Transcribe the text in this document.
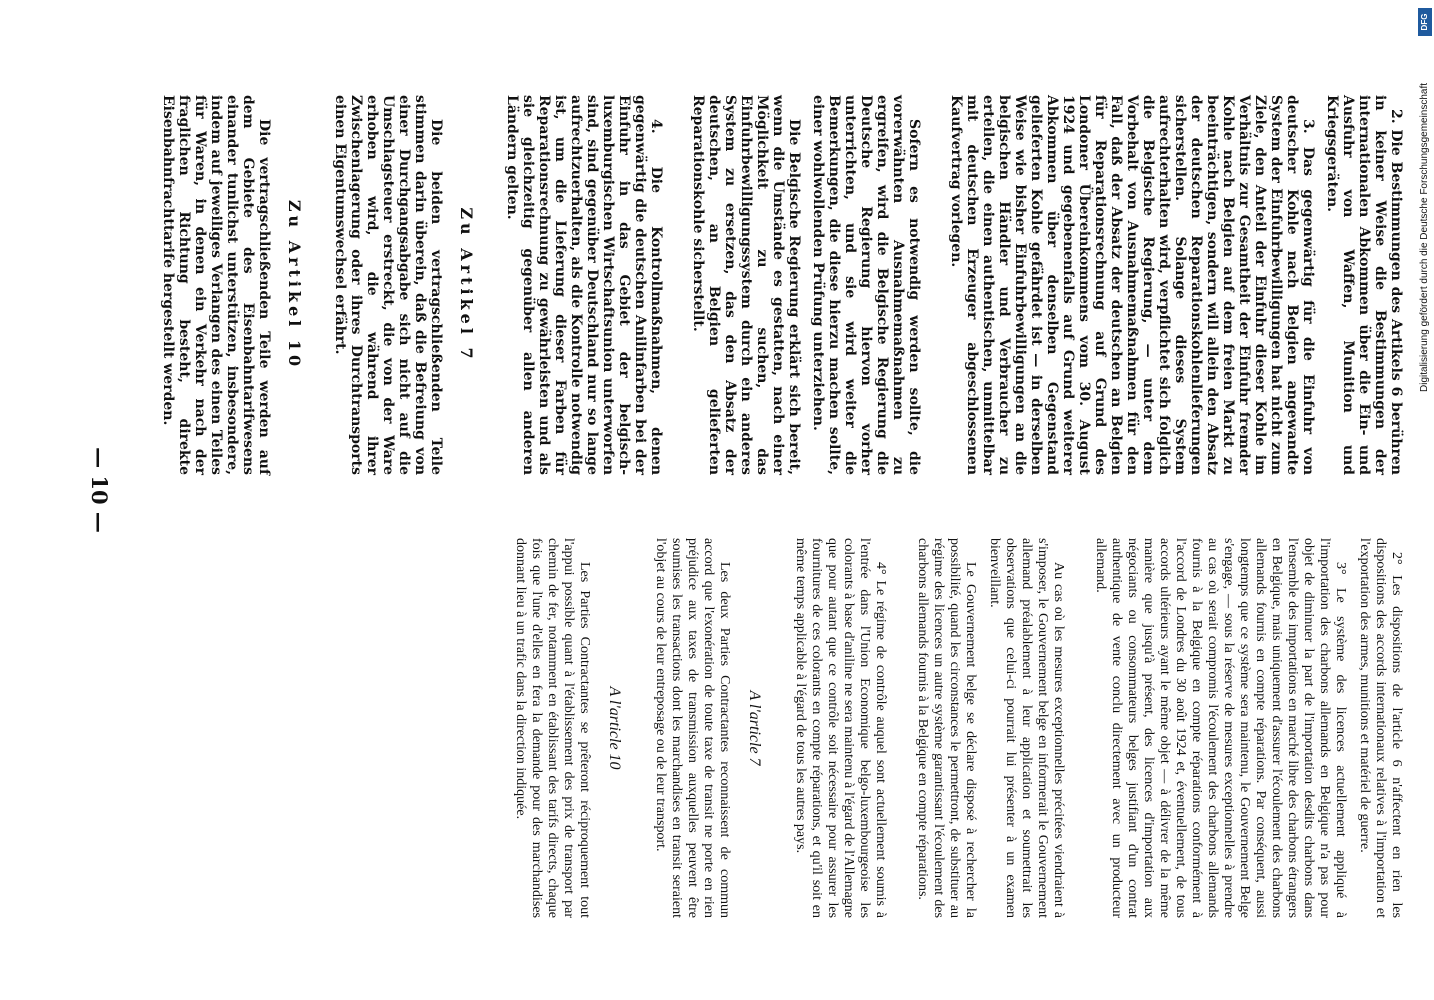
— 10 —

2. Die Bestimmungen des Artikels 6 berühren in keiner Weise die Bestimmungen der internationalen Abkommen über die Ein- und Ausfuhr von Waffen, Munition und Kriegsgeräten.

3. Das gegenwärtig für die Einfuhr von deutscher Kohle nach Belgien angewandte System der Einfuhrbewilligungen hat nicht zum Ziele, den Anteil der Einfuhr dieser Kohle im Verhältnis zur Gesamtheit der Einfuhr fremder Kohle nach Belgien auf dem freien Markt zu beeinträchtigen, sondern will allein den Absatz der deutschen Reparationskohlenlieferungen sicherstellen. Solange dieses System aufrechterhalten wird, verpflichtet sich folglich die Belgische Regierung, — unter dem Vorbehalt von Ausnahmemaßnahmen für den Fall, daß der Absatz der deutschen an Belgien für Reparationsrechnung auf Grund des Londoner Übereinkommens vom 30. August 1924 und gegebenenfalls auf Grund weiterer Abkommen über denselben Gegenstand gelieferten Kohle gefährdet ist — in derselben Weise wie bisher Einfuhrbewilligungen an die belgischen Händler und Verbraucher zu erteilen, die einen authentischen, unmittelbar mit deutschen Erzeuger abgeschlossenen Kaufvertrag vorlegen.

Sofern es notwendig werden sollte, die vorerwähnten Ausnahmemaßnahmen zu ergreifen, wird die Belgische Regierung die Deutsche Regierung hiervon vorher unterrichten, und sie wird weiter die Bemerkungen, die diese hierzu machen sollte, einer wohlwollenden Prüfung unterziehen.

Die Belgische Regierung erklärt sich bereit, wenn die Umstände es gestatten, nach einer Möglichkeit zu suchen, das Einfuhrbewilligungssystem durch ein anderes System zu ersetzen, das den Absatz der deutschen, an Belgien gelieferten Reparationskohle sicherstellt.

4. Die Kontrollmaßnahmen, denen gegenwärtig die deutschen Anilinfarben bei der Einfuhr in das Gebiet der belgisch-luxemburgischen Wirtschaftsunion unterworfen sind, sind gegenüber Deutschland nur so lange aufrechtzuerhalten, als die Kontrolle notwendig ist, um die Lieferung dieser Farben für Reparationsrechnung zu gewährleisten und als sie gleichzeitig gegenüber allen anderen Ländern gelten.

Zu Artikel 7

Die beiden vertragschließenden Teile stimmen darin überein, daß die Befreiung von einer Durchgangsabgabe sich nicht auf die Umschlagsteuer erstreckt, die von der Ware erhoben wird, die während ihrer Zwischenlagerung oder ihres Durchtransports einen Eigentumswechsel erfährt.

Zu Artikel 10

Die vertragschließenden Teile werden auf dem Gebiete des Eisenbahntarifwesens einander tunlichst unterstützen, insbesondere, indem auf jeweiliges Verlangen des einen Teiles für Waren, in denen ein Verkehr nach der fraglichen Richtung besteht, direkte Eisenbahnfrachttarife hergestellt werden.

2° Les dispositions de l'article 6 n'affectent en rien les dispositions des accords internationaux relatives à l'importation et l'exportation des armes, munitions et matériel de guerre.

3° Le système des licences actuellement appliqué à l'importation des charbons allemands en Belgique n'a pas pour objet de diminuer la part de l'importation desdits charbons dans l'ensemble des importations en marché libre des charbons étrangers en Belgique, mais uniquement d'assurer l'écoulement des charbons allemands fournis en compte réparations. Par conséquent, aussi longtemps que ce système sera maintenu, le Gouvernement Belge s'engage, — sous la réserve de mesures exceptionnelles à prendre au cas où serait compromis l'écoulement des charbons allemands fournis à la Belgique en compte réparations conformément à l'accord de Londres du 30 août 1924 et, éventuellement, de tous accords ultérieurs ayant le même objet — à délivrer de la même manière que jusqu'à présent, des licences d'importation aux négociants ou consommateurs belges justifiant d'un contrat authentique de vente conclu directement avec un producteur allemand.

Au cas où les mesures exceptionnelles précitées viendraient à s'imposer, le Gouvernement belge en informerait le Gouvernement allemand préalablement à leur application et soumettrait les observations que celui-ci pourrait lui présenter à un examen bienveillant.

Le Gouvernement belge se déclare disposé à rechercher la possibilité, quand les circonstances le permettront, de substituer au régime des licences un autre système garantissant l'écoulement des charbons allemands fournis à la Belgique en compte réparations.

4° Le régime de contrôle auquel sont actuellement soumis à l'entrée dans l'Union Economique belgo-luxembourgeoise les colorants à base d'aniline ne sera maintenu à l'égard de l'Allemagne que pour autant que ce contrôle soit nécessaire pour assurer les fournitures de ces colorants en compte réparations, et qu'il soit en même temps applicable à l'égard de tous les autres pays.

A l'article 7

Les deux Parties Contractantes reconnaissent de commun accord que l'exonération de toute taxe de transit ne porte en rien préjudice aux taxes de transmission auxquelles peuvent être soumises les transactions dont les marchandises en transit seraient l'objet au cours de leur entreposage ou de leur transport.

A l'article 10

Les Parties Contractantes se prêteront réciproquement tout l'appui possible quant à l'établissement des prix de transport par chemin de fer, notamment en établissant des tarifs directs, chaque fois que l'une d'elles en fera la demande pour des marchandises donnant lieu à un trafic dans la direction indiquée.

DFG
Digitalisierung gefördert durch die Deutsche Forschungsgemeinschaft
